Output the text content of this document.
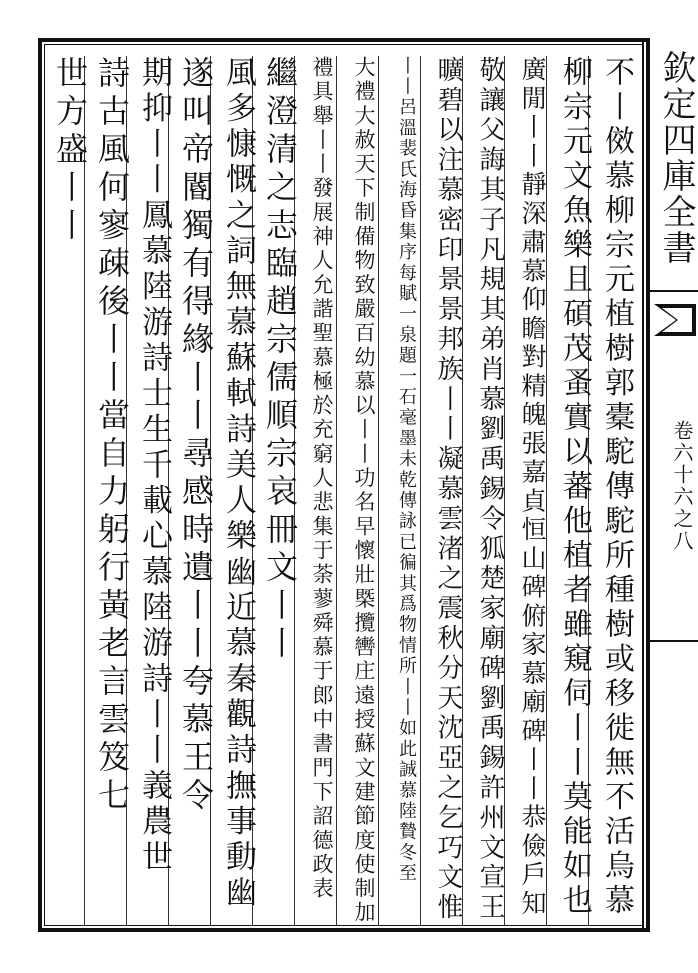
欽定四庫全書
卷六十六之八
不丨傚慕柳宗元植樹郭橐駝傳駝所種樹或移徙無不活烏慕
柳宗元文魚樂且碩茂蚤實以蕃他植者雖窺伺丨丨莫能如也
廣閒丨丨靜深肅慕仰瞻對精魄張嘉貞恒山碑俯家慕廟碑丨丨恭儉戶知
敬讓父誨其子凡規其弟肖慕劉禹錫令狐楚家廟碑劉禹錫許州文宣王
曠碧以注慕密印景景邦族丨丨凝慕雲渚之震秋分天沈亞之乞巧文惟
丨丨呂溫裴氏海昏集序每賦一泉題一石毫墨未乾傳詠已徧其爲物情所丨丨如此誠慕陸贄冬至
大禮大赦天下制備物致嚴百幼慕以丨丨功名早懷壯槩攬轡庄遠授蘇文建節度使制加
禮具舉丨丨發展神人允諧聖慕極於充窮人悲集于荼蓼舜慕于郎中書門下詔德政表
繼澄清之志臨趙宗儒順宗哀冊文丨丨
風多慷慨之詞無慕蘇軾詩美人樂幽近慕秦觀詩撫事動幽
遂叫帝閽獨有得緣丨丨尋感時遺丨丨夸慕王令
期抑丨丨鳳慕陸游詩士生千載心慕陸游詩丨丨義農世
詩古風何寥疎後丨丨當自力躬行黃老言雲笈七
世方盛丨丨
